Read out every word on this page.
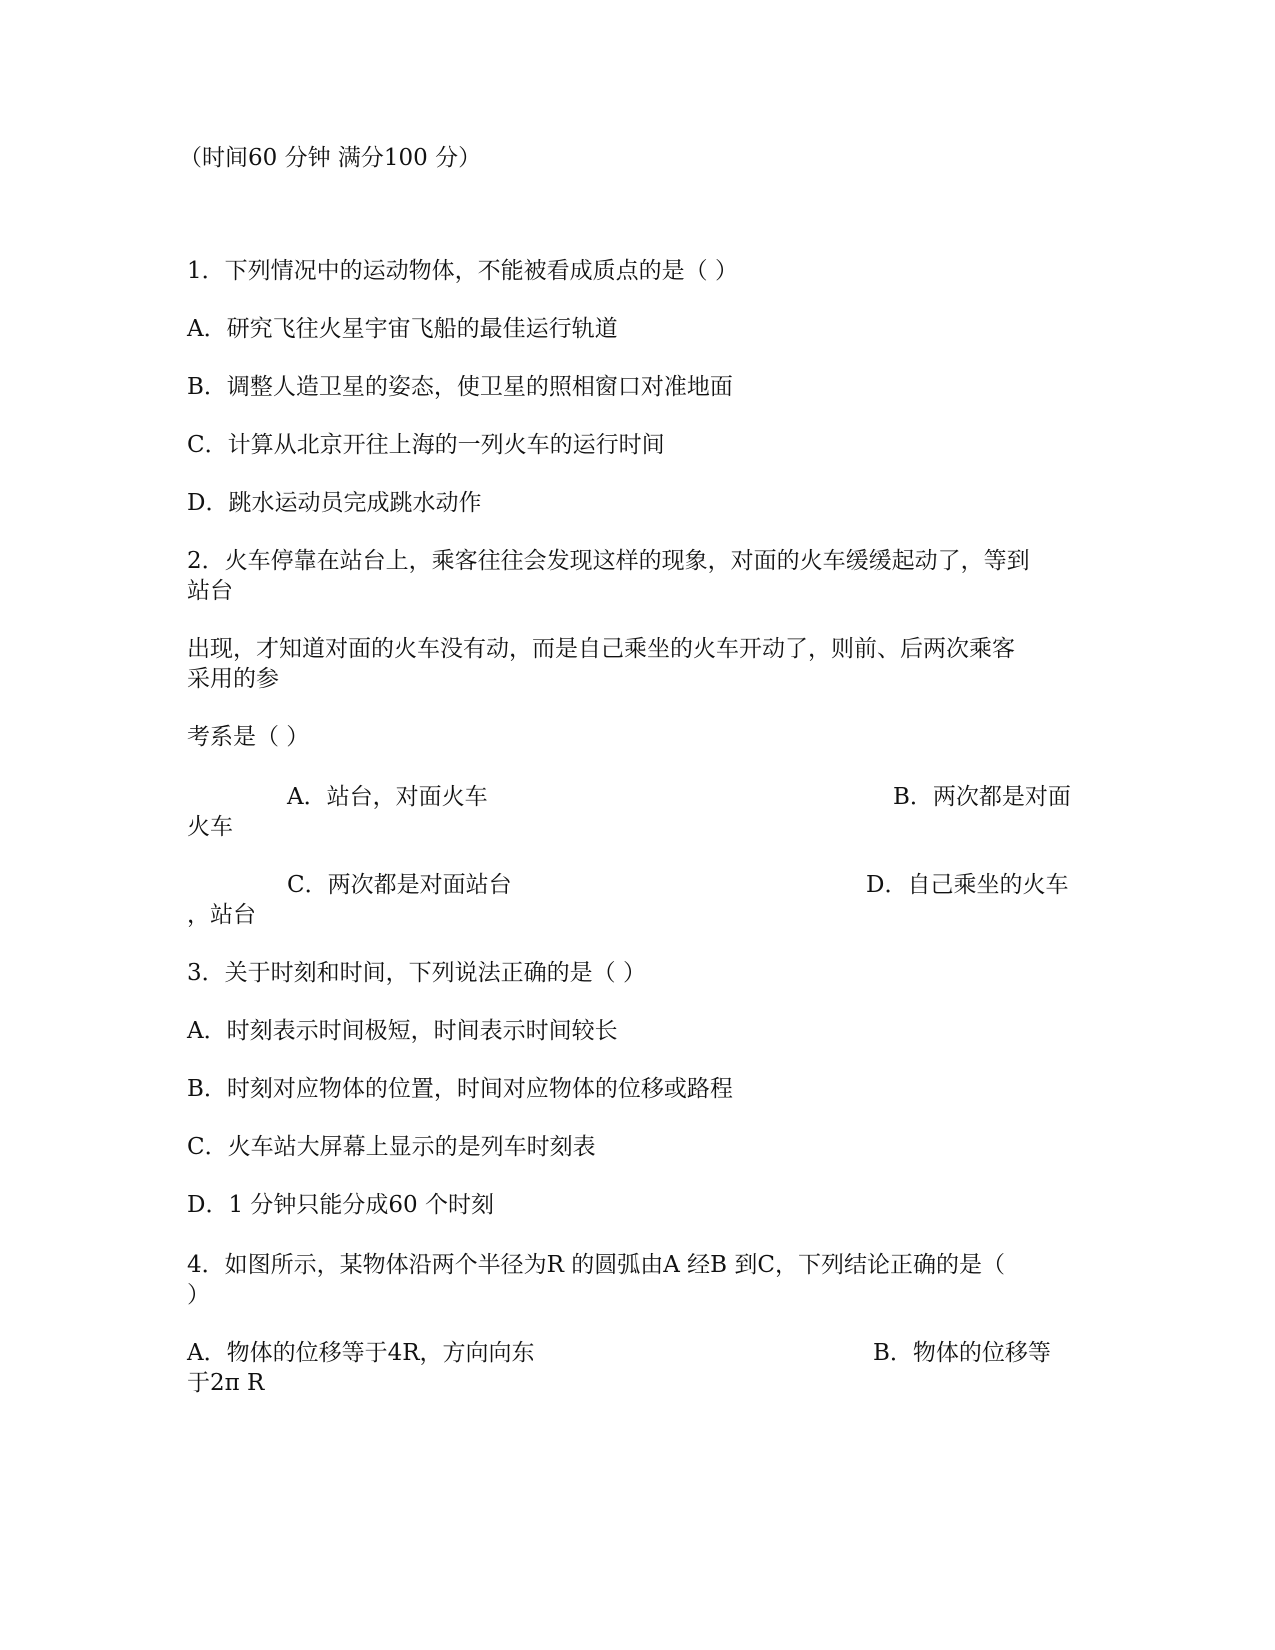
（时间60 分钟 满分100 分）
1．下列情况中的运动物体，不能被看成质点的是（ ）
A．研究飞往火星宇宙飞船的最佳运行轨道
B．调整人造卫星的姿态，使卫星的照相窗口对准地面
C．计算从北京开往上海的一列火车的运行时间
D．跳水运动员完成跳水动作
2．火车停靠在站台上，乘客往往会发现这样的现象，对面的火车缓缓起动了，等到
站台
出现，才知道对面的火车没有动，而是自己乘坐的火车开动了，则前、后两次乘客
采用的参
考系是（ ）
A．站台，对面火车	B．两次都是对面
火车
C．两次都是对面站台	D．自己乘坐的火车
，站台
3．关于时刻和时间，下列说法正确的是（ ）
A．时刻表示时间极短，时间表示时间较长
B．时刻对应物体的位置，时间对应物体的位移或路程
C．火车站大屏幕上显示的是列车时刻表
D．1 分钟只能分成60 个时刻
4．如图所示，某物体沿两个半径为R 的圆弧由A 经B 到C，下列结论正确的是（
）
A．物体的位移等于4R，方向向东	B．物体的位移等
于2π R
